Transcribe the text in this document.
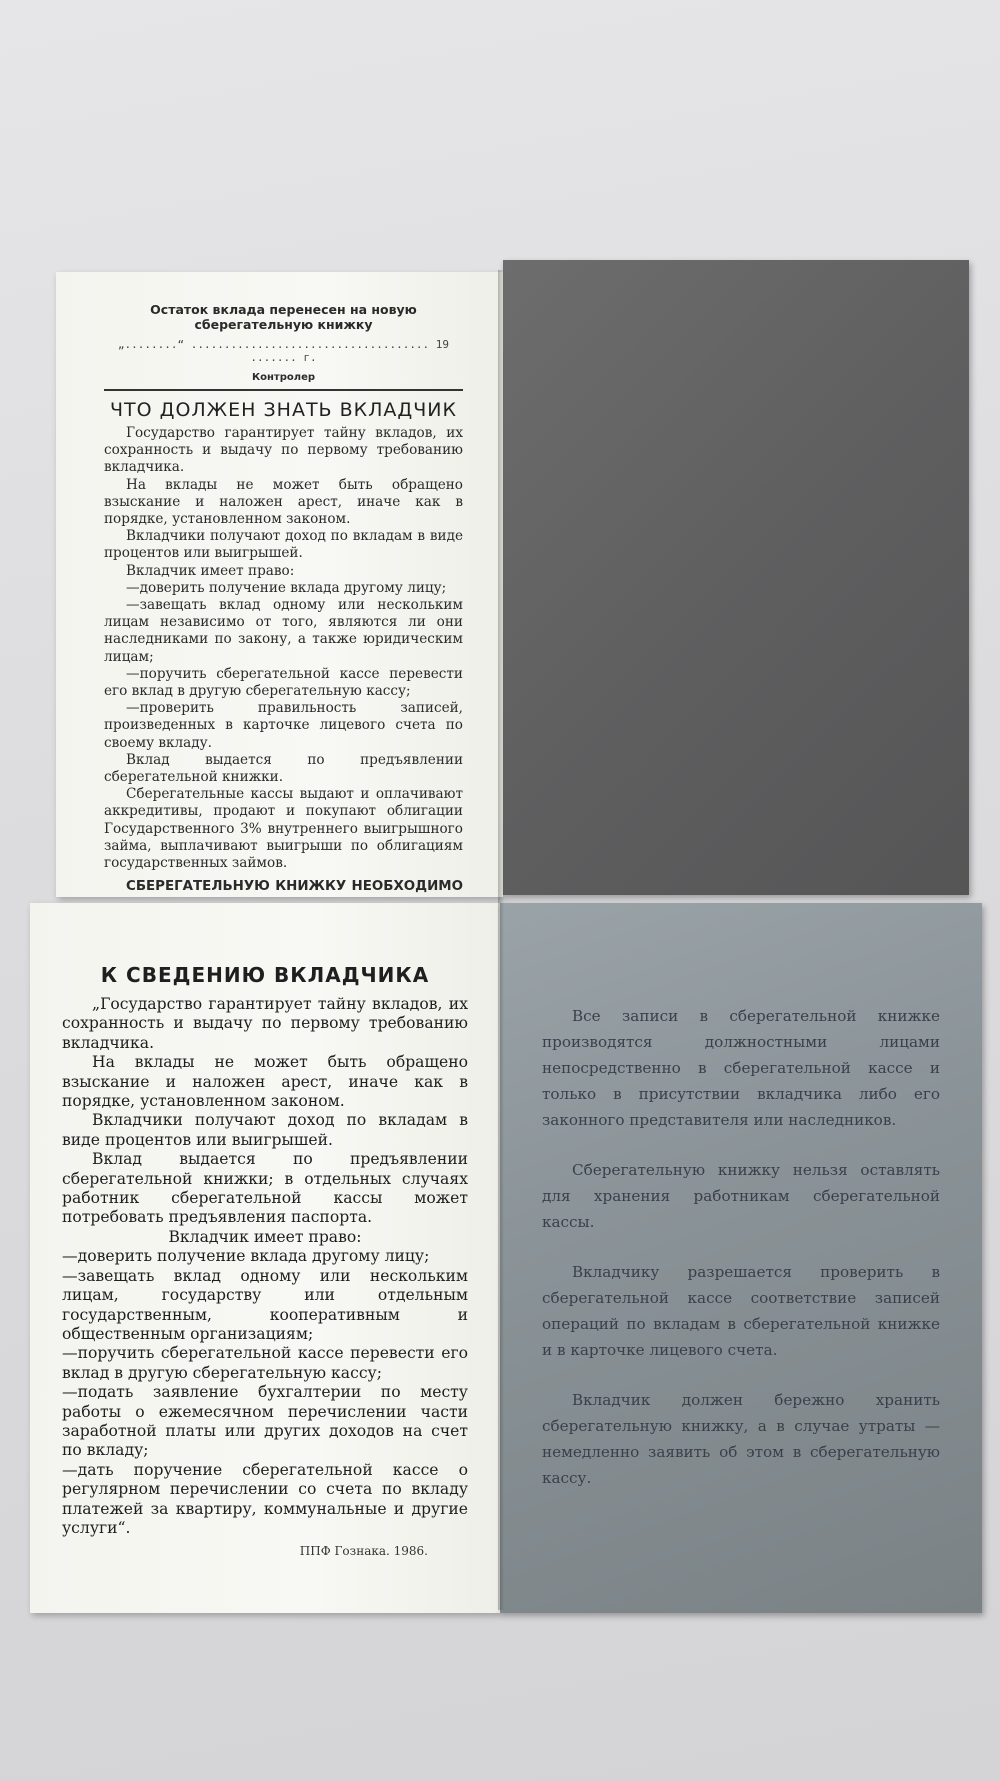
Остаток вклада перенесен на новую сберегательную книжку
„........“ .................................... 19 ....... г.
Контролер
ЧТО ДОЛЖЕН ЗНАТЬ ВКЛАДЧИК

Государство гарантирует тайну вкладов, их сохранность и выдачу по первому требованию вкладчика.

На вклады не может быть обращено взыскание и наложен арест, иначе как в порядке, установленном законом.

Вкладчики получают доход по вкладам в виде процентов или выигрышей.

Вкладчик имеет право:

—доверить получение вклада другому лицу;

—завещать вклад одному или нескольким лицам независимо от того, являются ли они наследниками по закону, а также юридическим лицам;

—поручить сберегательной кассе перевести его вклад в другую сберегательную кассу;

—проверить правильность записей, произведенных в карточке лицевого счета по своему вкладу.

Вклад выдается по предъявлении сберегательной книжки.

Сберегательные кассы выдают и оплачивают аккредитивы, продают и покупают облигации Государственного 3% внутреннего выигрышного займа, выплачивают выигрыши по облигациям государственных займов.

СБЕРЕГАТЕЛЬНУЮ КНИЖКУ НЕОБХОДИМО

К СВЕДЕНИЮ ВКЛАДЧИКА

„Государство гарантирует тайну вкладов, их сохранность и выдачу по первому требованию вкладчика.

На вклады не может быть обращено взыскание и наложен арест, иначе как в порядке, установленном законом.

Вкладчики получают доход по вкладам в виде процентов или выигрышей.

Вклад выдается по предъявлении сберегательной книжки; в отдельных случаях работник сберегательной кассы может потребовать предъявления паспорта.

Вкладчик имеет право:

—доверить получение вклада другому лицу;

—завещать вклад одному или нескольким лицам, государству или отдельным государственным, кооперативным и общественным организациям;

—поручить сберегательной кассе перевести его вклад в другую сберегательную кассу;

—подать заявление бухгалтерии по месту работы о ежемесячном перечислении части заработной платы или других доходов на счет по вкладу;

—дать поручение сберегательной кассе о регулярном перечислении со счета по вкладу платежей за квартиру, коммунальные и другие услуги“.

ППФ Гознака. 1986.

Все записи в сберегательной книжке производятся должностными лицами непосредственно в сберегательной кассе и только в присутствии вкладчика либо его законного представителя или наследников.

Сберегательную книжку нельзя оставлять для хранения работникам сберегательной кассы.

Вкладчику разрешается проверить в сберегательной кассе соответствие записей операций по вкладам в сберегательной книжке и в карточке лицевого счета.

Вкладчик должен бережно хранить сберегательную книжку, а в случае утраты — немедленно заявить об этом в сберегательную кассу.
